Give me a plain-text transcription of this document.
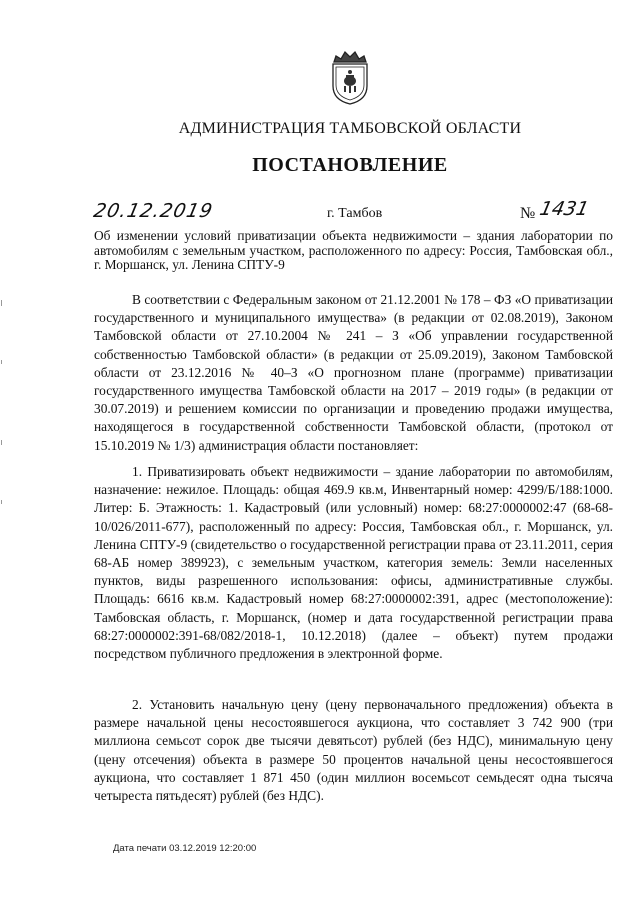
АДМИНИСТРАЦИЯ ТАМБОВСКОЙ ОБЛАСТИ
ПОСТАНОВЛЕНИЕ
20.12.2019	г. Тамбов	№ 1431
Об изменении условий приватизации объекта недвижимости – здания лаборатории по автомобилям с земельным участком, расположенного по адресу: Россия, Тамбовская обл., г. Моршанск, ул. Ленина СПТУ-9
В соответствии с Федеральным законом от 21.12.2001 № 178 – ФЗ «О приватизации государственного и муниципального имущества» (в редакции от 02.08.2019), Законом Тамбовской области от 27.10.2004 № 241 – З «Об управлении государственной собственностью Тамбовской области» (в редакции от 25.09.2019), Законом Тамбовской области от 23.12.2016 № 40–З «О прогнозном плане (программе) приватизации государственного имущества Тамбовской области на 2017 – 2019 годы» (в редакции от 30.07.2019) и решением комиссии по организации и проведению продажи имущества, находящегося в государственной собственности Тамбовской области, (протокол от 15.10.2019 № 1/3) администрация области постановляет:
1. Приватизировать объект недвижимости – здание лаборатории по автомобилям, назначение: нежилое. Площадь: общая 469.9 кв.м, Инвентарный номер: 4299/Б/188:1000. Литер: Б. Этажность: 1. Кадастровый (или условный) номер: 68:27:0000002:47 (68-68-10/026/2011-677), расположенный по адресу: Россия, Тамбовская обл., г. Моршанск, ул. Ленина СПТУ-9 (свидетельство о государственной регистрации права от 23.11.2011, серия 68-АБ номер 389923), с земельным участком, категория земель: Земли населенных пунктов, виды разрешенного использования: офисы, административные службы. Площадь: 6616 кв.м. Кадастровый номер 68:27:0000002:391, адрес (местоположение): Тамбовская область, г. Моршанск, (номер и дата государственной регистрации права 68:27:0000002:391-68/082/2018-1, 10.12.2018) (далее – объект) путем продажи посредством публичного предложения в электронной форме.
2. Установить начальную цену (цену первоначального предложения) объекта в размере начальной цены несостоявшегося аукциона, что составляет 3 742 900 (три миллиона семьсот сорок две тысячи девятьсот) рублей (без НДС), минимальную цену (цену отсечения) объекта в размере 50 процентов начальной цены несостоявшегося аукциона, что составляет 1 871 450 (один миллион восемьсот семьдесят одна тысяча четыреста пятьдесят) рублей (без НДС).
Дата печати 03.12.2019 12:20:00
